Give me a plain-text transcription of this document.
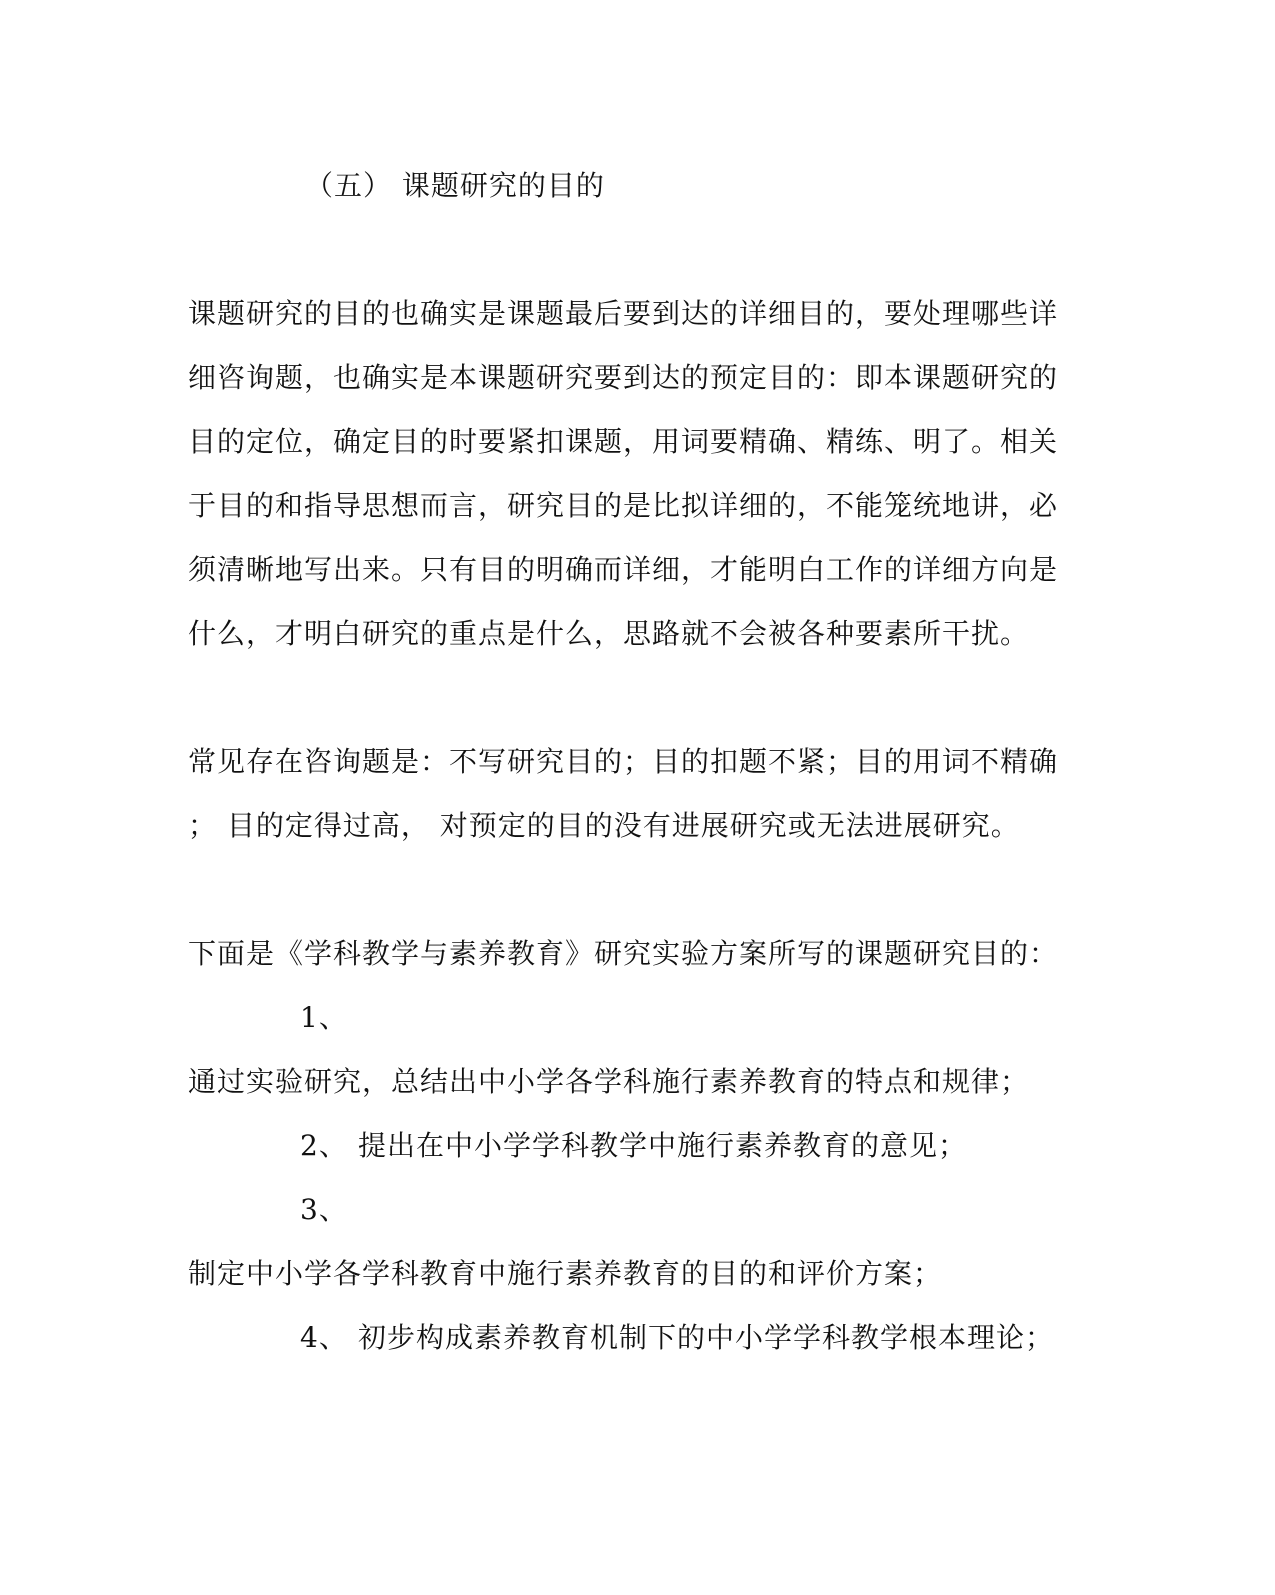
（五） 课题研究的目的
课题研究的目的也确实是课题最后要到达的详细目的，要处理哪些详
细咨询题，也确实是本课题研究要到达的预定目的：即本课题研究的
目的定位，确定目的时要紧扣课题，用词要精确、精练、明了。相关
于目的和指导思想而言，研究目的是比拟详细的，不能笼统地讲，必
须清晰地写出来。只有目的明确而详细，才能明白工作的详细方向是
什么，才明白研究的重点是什么，思路就不会被各种要素所干扰。
常见存在咨询题是：不写研究目的；目的扣题不紧；目的用词不精确
； 目的定得过高， 对预定的目的没有进展研究或无法进展研究。
下面是《学科教学与素养教育》研究实验方案所写的课题研究目的：
1、
通过实验研究，总结出中小学各学科施行素养教育的特点和规律；
2、 提出在中小学学科教学中施行素养教育的意见；
3、
制定中小学各学科教育中施行素养教育的目的和评价方案；
4、 初步构成素养教育机制下的中小学学科教学根本理论；
